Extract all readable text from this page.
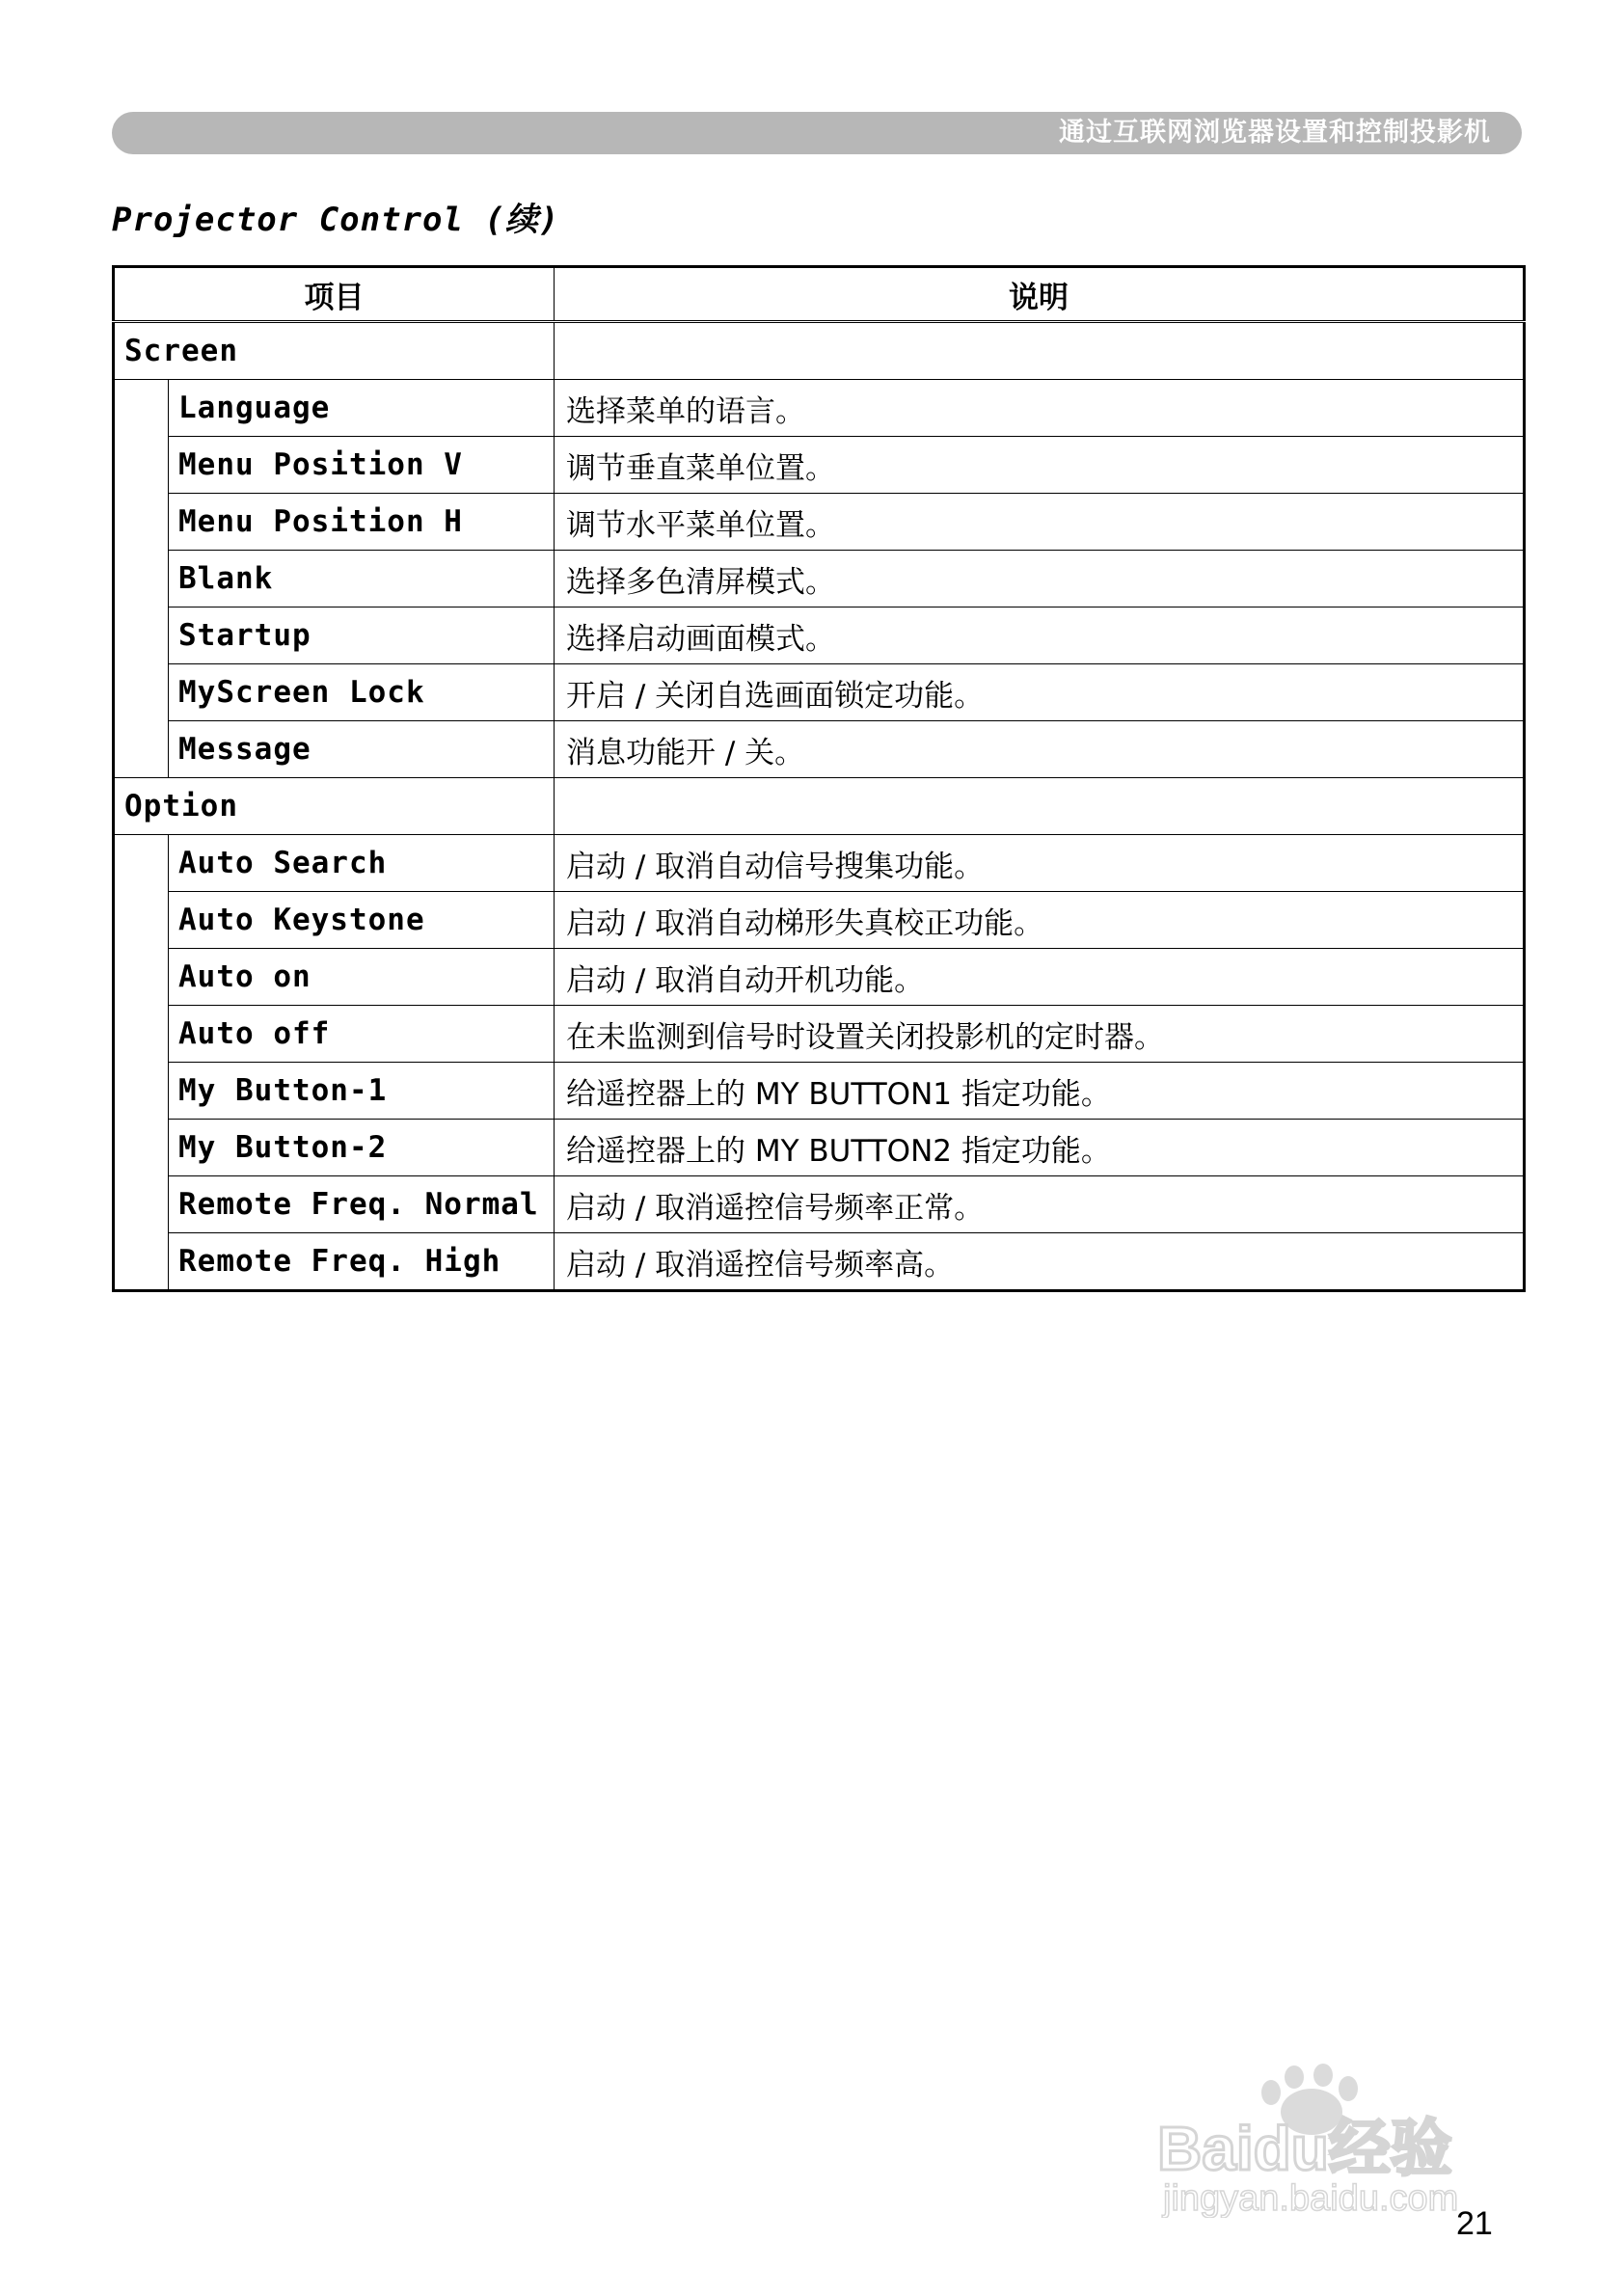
通过互联网浏览器设置和控制投影机
Projector Control (续)
项目		说明
Screen		
	Language	选择菜单的语言。
	Menu Position V	调节垂直菜单位置。
	Menu Position H	调节水平菜单位置。
	Blank	选择多色清屏模式。
	Startup	选择启动画面模式。
	MyScreen Lock	开启 / 关闭自选画面锁定功能。
	Message	消息功能开 / 关。
Option		
	Auto Search	启动 / 取消自动信号搜集功能。
	Auto Keystone	启动 / 取消自动梯形失真校正功能。
	Auto on	启动 / 取消自动开机功能。
	Auto off	在未监测到信号时设置关闭投影机的定时器。
	My Button-1	给遥控器上的 MY BUTTON1 指定功能。
	My Button-2	给遥控器上的 MY BUTTON2 指定功能。
	Remote Freq. Normal	启动 / 取消遥控信号频率正常。
	Remote Freq. High	启动 / 取消遥控信号频率高。
Baidu经验
jingyan.baidu.com
21
